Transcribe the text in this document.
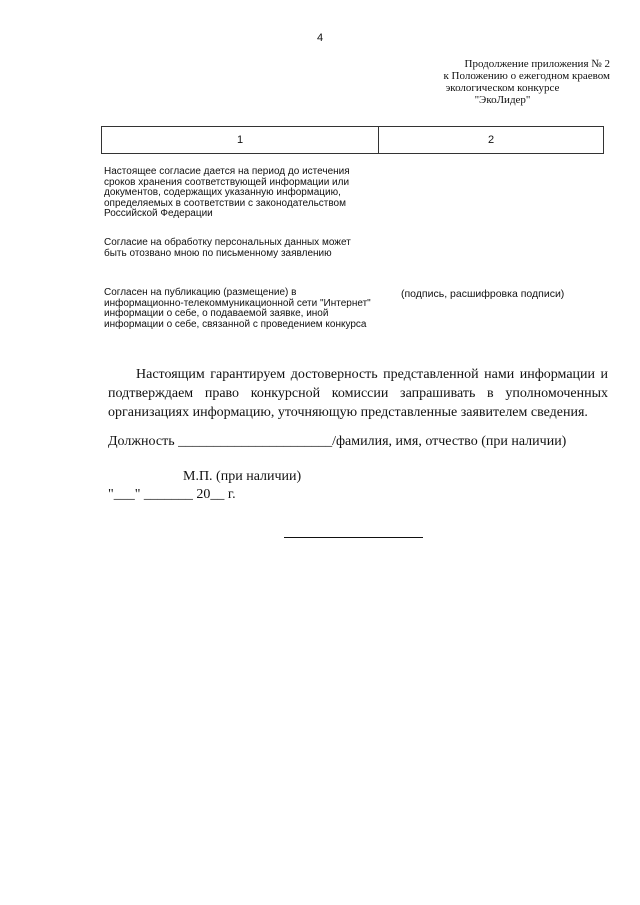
4
Продолжение приложения № 2
к Положению о ежегодном краевом
экологическом конкурсе
"ЭкоЛидер"
1	2
Настоящее согласие дается на период до истечения сроков хранения соответствующей информации или документов, содержащих указанную информацию, определяемых в соответствии с законодательством Российской Федерации
Согласие на обработку персональных данных может быть отозвано мною по письменному заявлению
Согласен на публикацию (размещение) в информационно-телекоммуникационной сети "Интернет" информации о себе, о подаваемой заявке, иной информации о себе, связанной с проведением конкурса
(подпись, расшифровка подписи)
Настоящим гарантируем достоверность представленной нами информации и подтверждаем право конкурсной комиссии запрашивать в уполномоченных организациях информацию, уточняющую представленные заявителем сведения.
Должность ______________________/фамилия, имя, отчество (при наличии)
М.П. (при наличии)
"___" _______ 20__ г.
